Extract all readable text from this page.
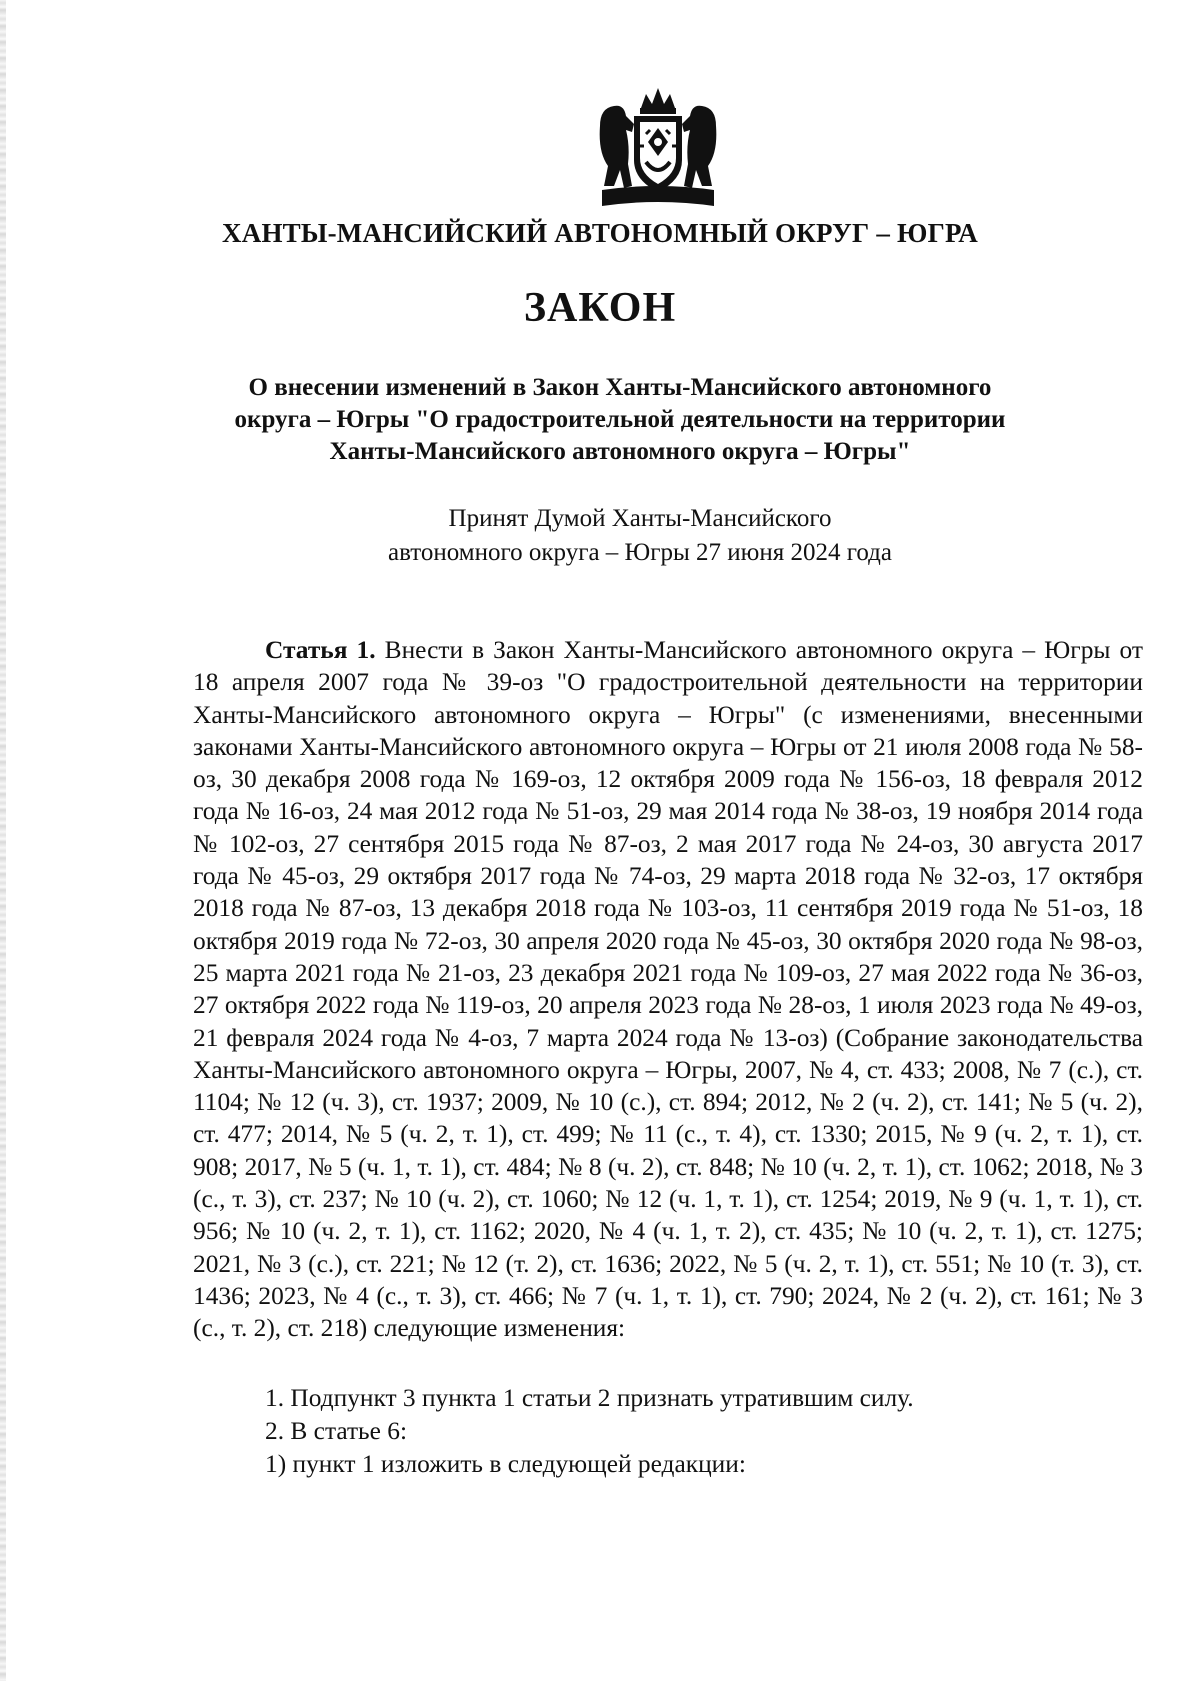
ХАНТЫ-МАНСИЙСКИЙ АВТОНОМНЫЙ ОКРУГ – ЮГРА
ЗАКОН
О внесении изменений в Закон Ханты-Мансийского автономного
округа – Югры "О градостроительной деятельности на территории
Ханты-Мансийского автономного округа – Югры"
Принят Думой Ханты-Мансийского
автономного округа – Югры 27 июня 2024 года

Статья 1. Внести в Закон Ханты-Мансийского автономного округа – Югры от 18 апреля 2007 года № 39-оз "О градостроительной деятельности на территории Ханты-Мансийского автономного округа – Югры" (с изменениями, внесенными законами Ханты-Мансийского автономного округа – Югры от 21 июля 2008 года № 58-оз, 30 декабря 2008 года № 169-оз, 12 октября 2009 года № 156-оз, 18 февраля 2012 года № 16-оз, 24 мая 2012 года № 51-оз, 29 мая 2014 года № 38-оз, 19 ноября 2014 года № 102-оз, 27 сентября 2015 года № 87-оз, 2 мая 2017 года № 24-оз, 30 августа 2017 года № 45-оз, 29 октября 2017 года № 74-оз, 29 марта 2018 года № 32-оз, 17 октября 2018 года № 87-оз, 13 декабря 2018 года № 103-оз, 11 сентября 2019 года № 51-оз, 18 октября 2019 года № 72-оз, 30 апреля 2020 года № 45-оз, 30 октября 2020 года № 98-оз, 25 марта 2021 года № 21-оз, 23 декабря 2021 года № 109-оз, 27 мая 2022 года № 36-оз, 27 октября 2022 года № 119-оз, 20 апреля 2023 года № 28-оз, 1 июля 2023 года № 49-оз, 21 февраля 2024 года № 4-оз, 7 марта 2024 года № 13-оз) (Собрание законодательства Ханты-Мансийского автономного округа – Югры, 2007, № 4, ст. 433; 2008, № 7 (с.), ст. 1104; № 12 (ч. 3), ст. 1937; 2009, № 10 (с.), ст. 894; 2012, № 2 (ч. 2), ст. 141; № 5 (ч. 2), ст. 477; 2014, № 5 (ч. 2, т. 1), ст. 499; № 11 (с., т. 4), ст. 1330; 2015, № 9 (ч. 2, т. 1), ст. 908; 2017, № 5 (ч. 1, т. 1), ст. 484; № 8 (ч. 2), ст. 848; № 10 (ч. 2, т. 1), ст. 1062; 2018, № 3 (с., т. 3), ст. 237; № 10 (ч. 2), ст. 1060; № 12 (ч. 1, т. 1), ст. 1254; 2019, № 9 (ч. 1, т. 1), ст. 956; № 10 (ч. 2, т. 1), ст. 1162; 2020, № 4 (ч. 1, т. 2), ст. 435; № 10 (ч. 2, т. 1), ст. 1275; 2021, № 3 (с.), ст. 221; № 12 (т. 2), ст. 1636; 2022, № 5 (ч. 2, т. 1), ст. 551; № 10 (т. 3), ст. 1436; 2023, № 4 (с., т. 3), ст. 466; № 7 (ч. 1, т. 1), ст. 790; 2024, № 2 (ч. 2), ст. 161; № 3 (с., т. 2), ст. 218) следующие изменения:

1. Подпункт 3 пункта 1 статьи 2 признать утратившим силу.

2. В статье 6:

1) пункт 1 изложить в следующей редакции:
